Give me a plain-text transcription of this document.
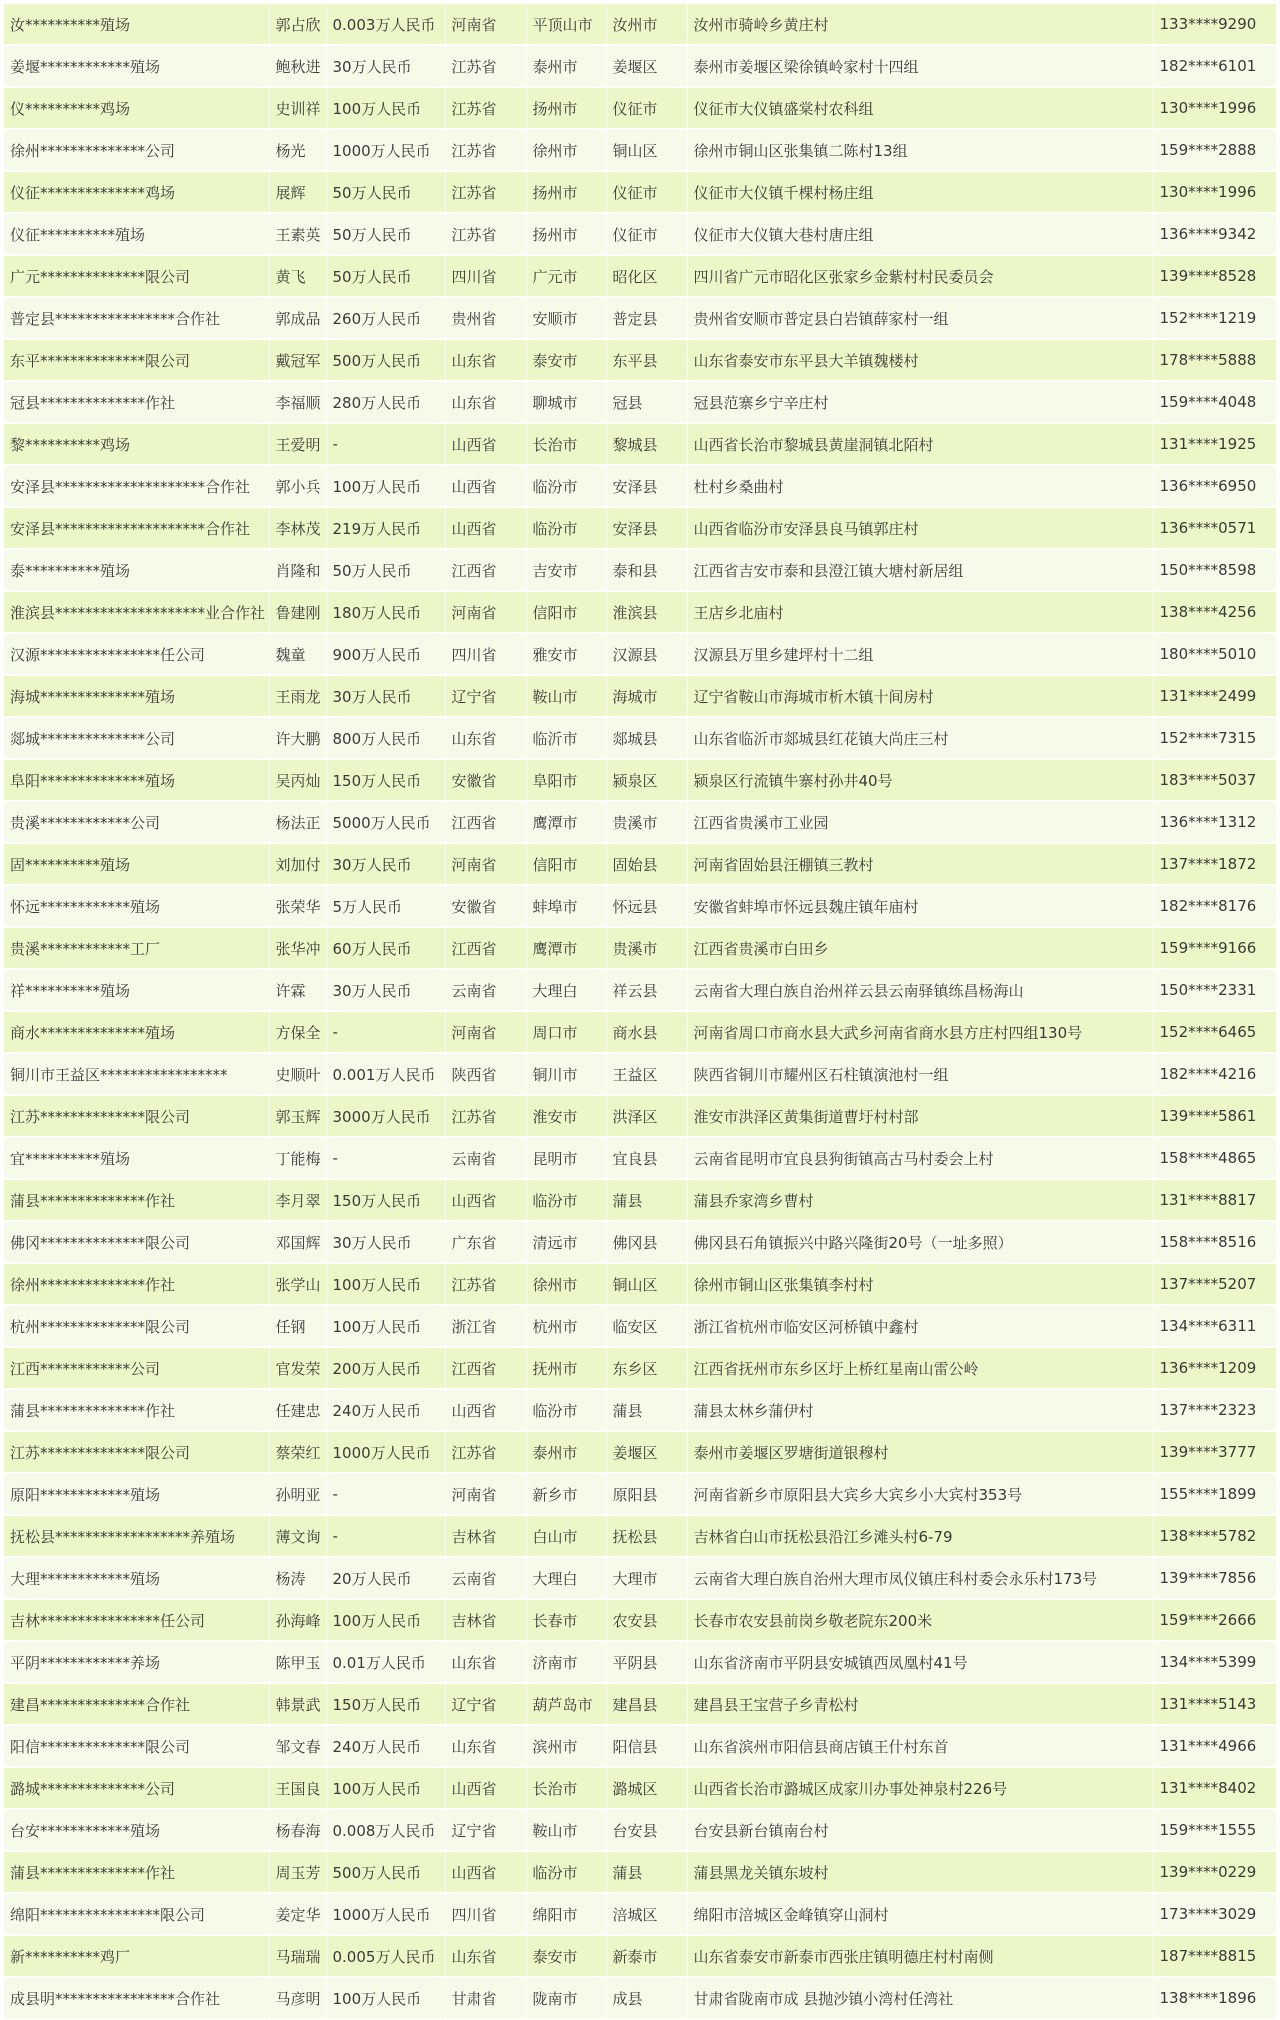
汝**********殖场	郭占欣	0.003万人民币	河南省	平顶山市	汝州市	汝州市骑岭乡黄庄村	133****9290
姜堰************殖场	鲍秋进	30万人民币	江苏省	泰州市	姜堰区	泰州市姜堰区梁徐镇岭家村十四组	182****6101
仪**********鸡场	史训祥	100万人民币	江苏省	扬州市	仪征市	仪征市大仪镇盛棠村农科组	130****1996
徐州**************公司	杨光	1000万人民币	江苏省	徐州市	铜山区	徐州市铜山区张集镇二陈村13组	159****2888
仪征**************鸡场	展辉	50万人民币	江苏省	扬州市	仪征市	仪征市大仪镇千棵村杨庄组	130****1996
仪征**********殖场	王素英	50万人民币	江苏省	扬州市	仪征市	仪征市大仪镇大巷村唐庄组	136****9342
广元**************限公司	黄飞	50万人民币	四川省	广元市	昭化区	四川省广元市昭化区张家乡金紫村村民委员会	139****8528
普定县****************合作社	郭成品	260万人民币	贵州省	安顺市	普定县	贵州省安顺市普定县白岩镇薛家村一组	152****1219
东平**************限公司	戴冠军	500万人民币	山东省	泰安市	东平县	山东省泰安市东平县大羊镇魏楼村	178****5888
冠县**************作社	李福顺	280万人民币	山东省	聊城市	冠县	冠县范寨乡宁辛庄村	159****4048
黎**********鸡场	王爱明	-	山西省	长治市	黎城县	山西省长治市黎城县黄崖洞镇北陌村	131****1925
安泽县********************合作社	郭小兵	100万人民币	山西省	临汾市	安泽县	杜村乡桑曲村	136****6950
安泽县********************合作社	李林茂	219万人民币	山西省	临汾市	安泽县	山西省临汾市安泽县良马镇郭庄村	136****0571
泰**********殖场	肖隆和	50万人民币	江西省	吉安市	泰和县	江西省吉安市泰和县澄江镇大塘村新居组	150****8598
淮滨县********************业合作社	鲁建刚	180万人民币	河南省	信阳市	淮滨县	王店乡北庙村	138****4256
汉源****************任公司	魏童	900万人民币	四川省	雅安市	汉源县	汉源县万里乡建坪村十二组	180****5010
海城**************殖场	王雨龙	30万人民币	辽宁省	鞍山市	海城市	辽宁省鞍山市海城市析木镇十间房村	131****2499
郯城**************公司	许大鹏	800万人民币	山东省	临沂市	郯城县	山东省临沂市郯城县红花镇大尚庄三村	152****7315
阜阳**************殖场	吴丙灿	150万人民币	安徽省	阜阳市	颍泉区	颍泉区行流镇牛寨村孙井40号	183****5037
贵溪************公司	杨法正	5000万人民币	江西省	鹰潭市	贵溪市	江西省贵溪市工业园	136****1312
固**********殖场	刘加付	30万人民币	河南省	信阳市	固始县	河南省固始县汪棚镇三教村	137****1872
怀远************殖场	张荣华	5万人民币	安徽省	蚌埠市	怀远县	安徽省蚌埠市怀远县魏庄镇年庙村	182****8176
贵溪************工厂	张华冲	60万人民币	江西省	鹰潭市	贵溪市	江西省贵溪市白田乡	159****9166
祥**********殖场	许霖	30万人民币	云南省	大理白	祥云县	云南省大理白族自治州祥云县云南驿镇练昌杨海山	150****2331
商水**************殖场	方保全	-	河南省	周口市	商水县	河南省周口市商水县大武乡河南省商水县方庄村四组130号	152****6465
铜川市王益区*****************	史顺叶	0.001万人民币	陕西省	铜川市	王益区	陕西省铜川市耀州区石柱镇演池村一组	182****4216
江苏**************限公司	郭玉辉	3000万人民币	江苏省	淮安市	洪泽区	淮安市洪泽区黄集街道曹圩村村部	139****5861
宜**********殖场	丁能梅	-	云南省	昆明市	宜良县	云南省昆明市宜良县狗街镇高古马村委会上村	158****4865
蒲县**************作社	李月翠	150万人民币	山西省	临汾市	蒲县	蒲县乔家湾乡曹村	131****8817
佛冈**************限公司	邓国辉	30万人民币	广东省	清远市	佛冈县	佛冈县石角镇振兴中路兴隆街20号（一址多照）	158****8516
徐州**************作社	张学山	100万人民币	江苏省	徐州市	铜山区	徐州市铜山区张集镇李村村	137****5207
杭州**************限公司	任钢	100万人民币	浙江省	杭州市	临安区	浙江省杭州市临安区河桥镇中鑫村	134****6311
江西************公司	官发荣	200万人民币	江西省	抚州市	东乡区	江西省抚州市东乡区圩上桥红星南山雷公岭	136****1209
蒲县**************作社	任建忠	240万人民币	山西省	临汾市	蒲县	蒲县太林乡蒲伊村	137****2323
江苏**************限公司	蔡荣红	1000万人民币	江苏省	泰州市	姜堰区	泰州市姜堰区罗塘街道银穆村	139****3777
原阳************殖场	孙明亚	-	河南省	新乡市	原阳县	河南省新乡市原阳县大宾乡大宾乡小大宾村353号	155****1899
抚松县******************养殖场	薄文询	-	吉林省	白山市	抚松县	吉林省白山市抚松县沿江乡滩头村6-79	138****5782
大理************殖场	杨涛	20万人民币	云南省	大理白	大理市	云南省大理白族自治州大理市凤仪镇庄科村委会永乐村173号	139****7856
吉林****************任公司	孙海峰	100万人民币	吉林省	长春市	农安县	长春市农安县前岗乡敬老院东200米	159****2666
平阴************养场	陈甲玉	0.01万人民币	山东省	济南市	平阴县	山东省济南市平阴县安城镇西凤凰村41号	134****5399
建昌**************合作社	韩景武	150万人民币	辽宁省	葫芦岛市	建昌县	建昌县王宝营子乡青松村	131****5143
阳信**************限公司	邹文春	240万人民币	山东省	滨州市	阳信县	山东省滨州市阳信县商店镇王什村东首	131****4966
潞城**************公司	王国良	100万人民币	山西省	长治市	潞城区	山西省长治市潞城区成家川办事处神泉村226号	131****8402
台安************殖场	杨春海	0.008万人民币	辽宁省	鞍山市	台安县	台安县新台镇南台村	159****1555
蒲县**************作社	周玉芳	500万人民币	山西省	临汾市	蒲县	蒲县黑龙关镇东坡村	139****0229
绵阳****************限公司	姜定华	1000万人民币	四川省	绵阳市	涪城区	绵阳市涪城区金峰镇穿山洞村	173****3029
新**********鸡厂	马瑞瑞	0.005万人民币	山东省	泰安市	新泰市	山东省泰安市新泰市西张庄镇明德庄村村南侧	187****8815
成县明****************合作社	马彦明	100万人民币	甘肃省	陇南市	成县	甘肃省陇南市成 县抛沙镇小湾村任湾社	138****1896
